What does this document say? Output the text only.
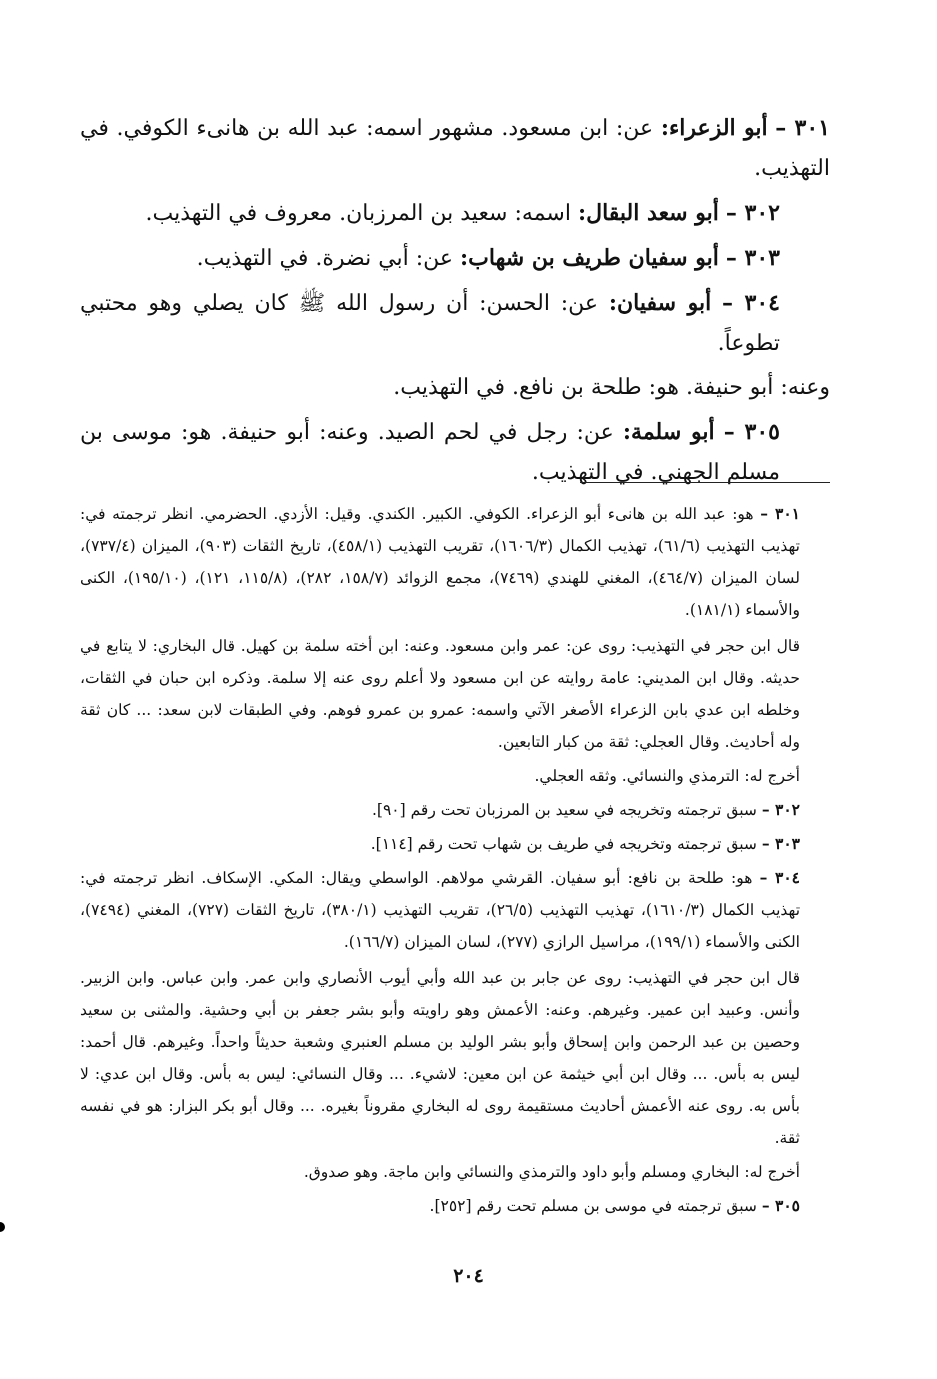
٣٠١ – أبو الزعراء: عن: ابن مسعود. مشهور اسمه: عبد الله بن هانىء الكوفي. في التهذيب.

٣٠٢ – أبو سعد البقال: اسمه: سعيد بن المرزبان. معروف في التهذيب.

٣٠٣ – أبو سفيان طريف بن شهاب: عن: أبي نضرة. في التهذيب.

٣٠٤ – أبو سفيان: عن: الحسن: أن رسول الله ﷺ كان يصلي وهو محتبي تطوعاً.

وعنه: أبو حنيفة. هو: طلحة بن نافع. في التهذيب.

٣٠٥ – أبو سلمة: عن: رجل في لحم الصيد. وعنه: أبو حنيفة. هو: موسى بن مسلم الجهني. في التهذيب.

٣٠١ – هو: عبد الله بن هانىء أبو الزعراء. الكوفي. الكبير. الكندي. وقيل: الأزدي. الحضرمي. انظر ترجمته في: تهذيب التهذيب (٦١/٦)، تهذيب الكمال (١٦٠٦/٣)، تقريب التهذيب (٤٥٨/١)، تاريخ الثقات (٩٠٣)، الميزان (٧٣٧/٤)، لسان الميزان (٤٦٤/٧)، المغني للهندي (٧٤٦٩)، مجمع الزوائد (١٥٨/٧، ٢٨٢)، (١١٥/٨، ١٢١)، (١٩٥/١٠)، الكنى والأسماء (١٨١/١).

قال ابن حجر في التهذيب: روى عن: عمر وابن مسعود. وعنه: ابن أخته سلمة بن كهيل. قال البخاري: لا يتابع في حديثه. وقال ابن المديني: عامة روايته عن ابن مسعود ولا أعلم روى عنه إلا سلمة. وذكره ابن حبان في الثقات، وخلطه ابن عدي بابن الزعراء الأصغر الآتي واسمه: عمرو بن عمرو فوهم. وفي الطبقات لابن سعد: ... كان ثقة وله أحاديث. وقال العجلي: ثقة من كبار التابعين.

أخرج له: الترمذي والنسائي. وثقه العجلي.

٣٠٢ – سبق ترجمته وتخريجه في سعيد بن المرزبان تحت رقم [٩٠].

٣٠٣ – سبق ترجمته وتخريجه في طريف بن شهاب تحت رقم [١١٤].

٣٠٤ – هو: طلحة بن نافع: أبو سفيان. القرشي مولاهم. الواسطي ويقال: المكي. الإسكاف. انظر ترجمته في: تهذيب الكمال (١٦١٠/٣)، تهذيب التهذيب (٢٦/٥)، تقريب التهذيب (٣٨٠/١)، تاريخ الثقات (٧٢٧)، المغني (٧٤٩٤)، الكنى والأسماء (١٩٩/١)، مراسيل الرازي (٢٧٧)، لسان الميزان (١٦٦/٧).

قال ابن حجر في التهذيب: روى عن جابر بن عبد الله وأبي أيوب الأنصاري وابن عمر. وابن عباس. وابن الزبير. وأنس. وعبيد ابن عمير. وغيرهم. وعنه: الأعمش وهو راويته وأبو بشر جعفر بن أبي وحشية. والمثنى بن سعيد وحصين بن عبد الرحمن وابن إسحاق وأبو بشر الوليد بن مسلم العنبري وشعبة حديثاً واحداً. وغيرهم. قال أحمد: ليس به بأس. ... وقال ابن أبي خيثمة عن ابن معين: لاشيء. ... وقال النسائي: ليس به بأس. وقال ابن عدي: لا بأس به. روى عنه الأعمش أحاديث مستقيمة روى له البخاري مقروناً بغيره. ... وقال أبو بكر البزار: هو في نفسه ثقة.

أخرج له: البخاري ومسلم وأبو داود والترمذي والنسائي وابن ماجة. وهو صدوق.

٣٠٥ – سبق ترجمته في موسى بن مسلم تحت رقم [٢٥٢].

٢٠٤
